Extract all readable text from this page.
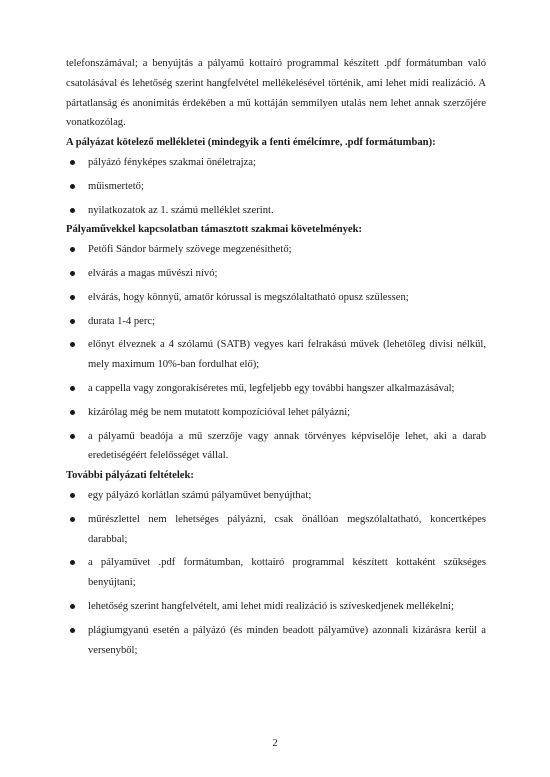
telefonszámával; a benyújtás a pályamű kottaíró programmal készített .pdf formátumban való csatolásával és lehetőség szerint hangfelvétel mellékelésével történik, ami lehet midi realizáció. A pártatlanság és anonimitás érdekében a mű kottáján semmilyen utalás nem lehet annak szerzőjére vonatkozólag.

A pályázat kötelező mellékletei (mindegyik a fenti émélcímre, .pdf formátumban):
pályázó fényképes szakmai önéletrajza;
műismertető;
nyilatkozatok az 1. számú melléklet szerint.
Pályaművekkel kapcsolatban támasztott szakmai követelmények:
Petőfi Sándor bármely szövege megzenésíthető;
elvárás a magas művészi nívó;
elvárás, hogy könnyű, amatőr kórussal is megszólaltatható opusz szülessen;
durata 1-4 perc;
előnyt élveznek a 4 szólamú (SATB) vegyes kari felrakású művek (lehetőleg divisi nélkül, mely maximum 10%-ban fordulhat elő);
a cappella vagy zongorakíséretes mű, legfeljebb egy további hangszer alkalmazásával;
kizárólag még be nem mutatott kompozícióval lehet pályázni;
a pályamű beadója a mű szerzője vagy annak törvényes képviselője lehet, aki a darab eredetiségéért felelősséget vállal.
További pályázati feltételek:
egy pályázó korlátlan számú pályaművet benyújthat;
műrészlettel nem lehetséges pályázni, csak önállóan megszólaltatható, koncertképes darabbal;
a pályaművet .pdf formátumban, kottaíró programmal készített kottaként szükséges benyújtani;
lehetőség szerint hangfelvételt, ami lehet midi realizáció is szíveskedjenek mellékelni;
plágiumgyanú esetén a pályázó (és minden beadott pályaműve) azonnali kizárásra kerül a versenyből;
2
